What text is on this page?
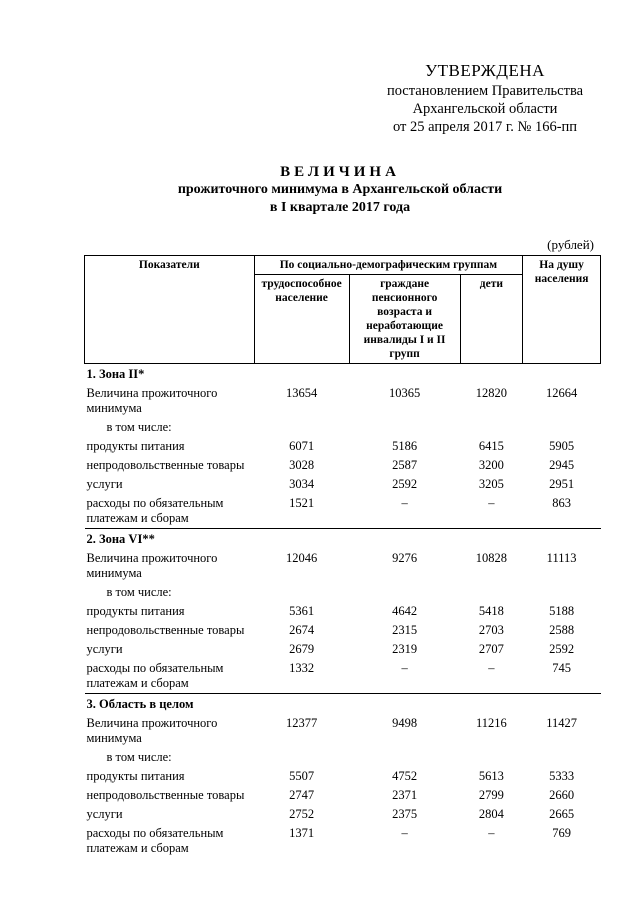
УТВЕРЖДЕНА
постановлением Правительства
Архангельской области
от 25 апреля 2017 г. № 166-пп
ВЕЛИЧИНА
прожиточного минимума в Архангельской области
в I квартале 2017 года
(рублей)
Показатели	По социально-демографическим группам			На душу населения
	трудоспособное население	граждане пенсионного возраста и неработающие инвалиды I и II групп	дети	
1. Зона II*				
Величина прожиточного минимума	13654	10365	12820	12664
в том числе:				
продукты питания	6071	5186	6415	5905
непродовольственные товары	3028	2587	3200	2945
услуги	3034	2592	3205	2951
расходы по обязательным платежам и сборам	1521	–	–	863
2. Зона VI**				
Величина прожиточного минимума	12046	9276	10828	11113
в том числе:				
продукты питания	5361	4642	5418	5188
непродовольственные товары	2674	2315	2703	2588
услуги	2679	2319	2707	2592
расходы по обязательным платежам и сборам	1332	–	–	745
3. Область в целом				
Величина прожиточного минимума	12377	9498	11216	11427
в том числе:				
продукты питания	5507	4752	5613	5333
непродовольственные товары	2747	2371	2799	2660
услуги	2752	2375	2804	2665
расходы по обязательным платежам и сборам	1371	–	–	769
